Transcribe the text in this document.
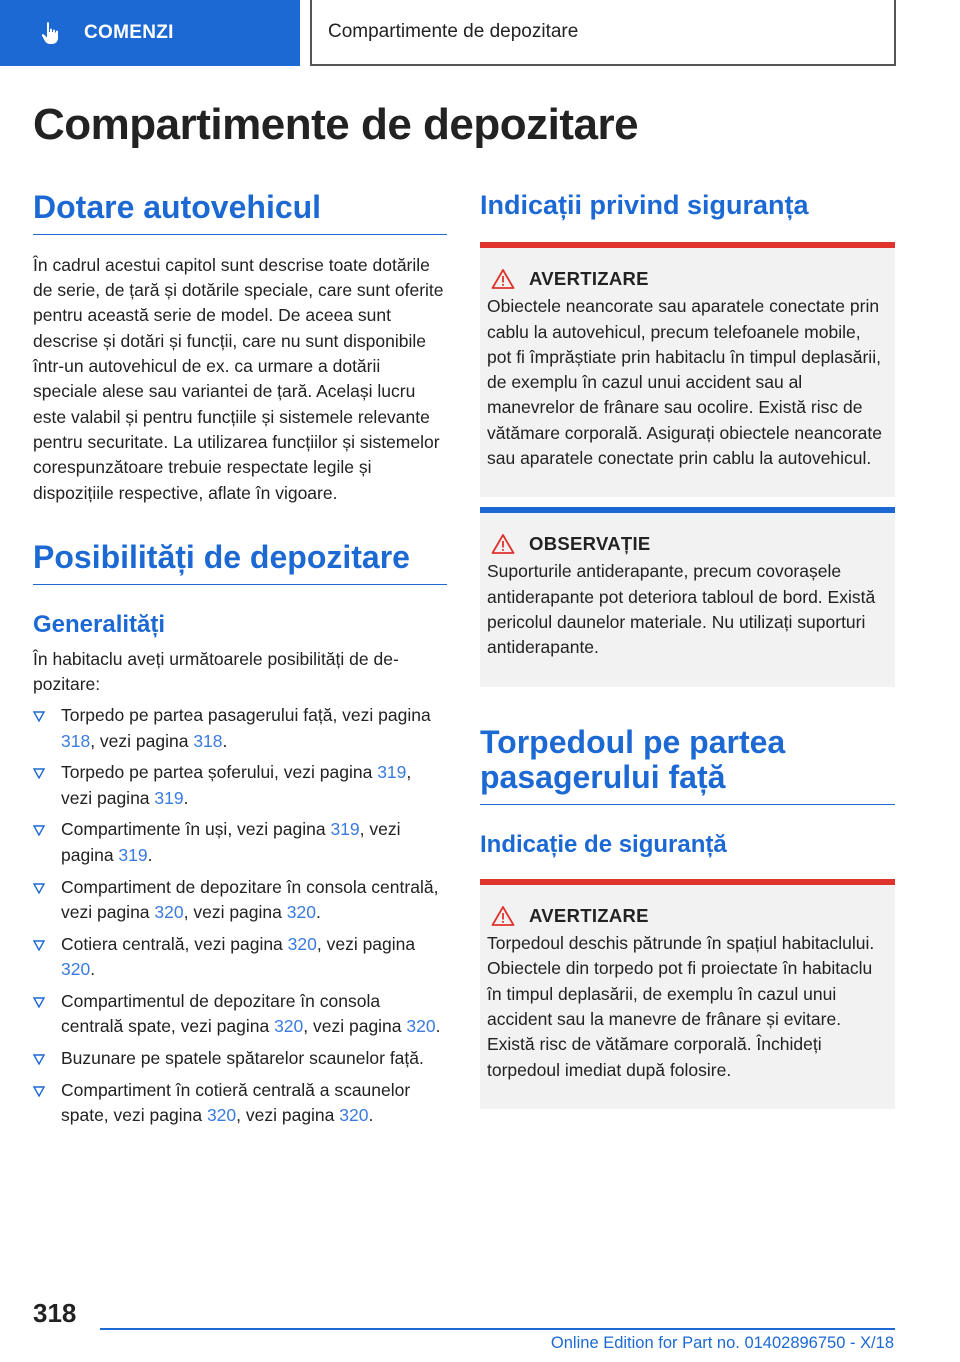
COMENZI	Compartimente de depozitare
Compartimente de depozitare
Dotare autovehicul

În cadrul acestui capitol sunt descrise toate dotările de serie, de țară și dotările speciale, care sunt oferite pentru această serie de model. De aceea sunt descrise și dotări și funcții, care nu sunt disponibile într-un autovehicul de ex. ca urmare a dotării speciale alese sau variantei de țară. Același lucru este valabil și pentru funcțiile și sistemele relevante pentru securitate. La utilizarea funcțiilor și sistemelor corespunzătoare trebuie respectate legile și dispozițiile respective, aflate în vigoare.

Posibilități de depozitare
Generalități

În habitaclu aveți următoarele posibilități de depozitare:

Torpedo pe partea pasagerului față, vezi pagina 318, vezi pagina 318.
Torpedo pe partea șoferului, vezi pagina 319, vezi pagina 319.
Compartimente în uși, vezi pagina 319, vezi pagina 319.
Compartiment de depozitare în consola centrală, vezi pagina 320, vezi pagina 320.
Cotiera centrală, vezi pagina 320, vezi pagina 320.
Compartimentul de depozitare în consola centrală spate, vezi pagina 320, vezi pagina 320.
Buzunare pe spatele spătarelor scaunelor față.
Compartiment în cotieră centrală a scaunelor spate, vezi pagina 320, vezi pagina 320.
Indicații privind siguranța
AVERTIZARE

Obiectele neancorate sau aparatele conectate prin cablu la autovehicul, precum telefoanele mobile, pot fi împrăștiate prin habitaclu în timpul deplasării, de exemplu în cazul unui accident sau al manevrelor de frânare sau ocolire. Există risc de vătămare corporală. Asigurați obiectele neancorate sau aparatele conectate prin cablu la autovehicul.

OBSERVAȚIE

Suporturile antiderapante, precum covorașele antiderapante pot deteriora tabloul de bord. Există pericolul daunelor materiale. Nu utilizați suporturi antiderapante.

Torpedoul pe partea pasagerului față
Indicație de siguranță
AVERTIZARE

Torpedoul deschis pătrunde în spațiul habitaclului. Obiectele din torpedo pot fi proiectate în habitaclu în timpul deplasării, de exemplu în cazul unui accident sau la manevre de frânare și evitare. Există risc de vătămare corporală. Închideți torpedoul imediat după folosire.

318
Online Edition for Part no. 01402896750 - X/18
